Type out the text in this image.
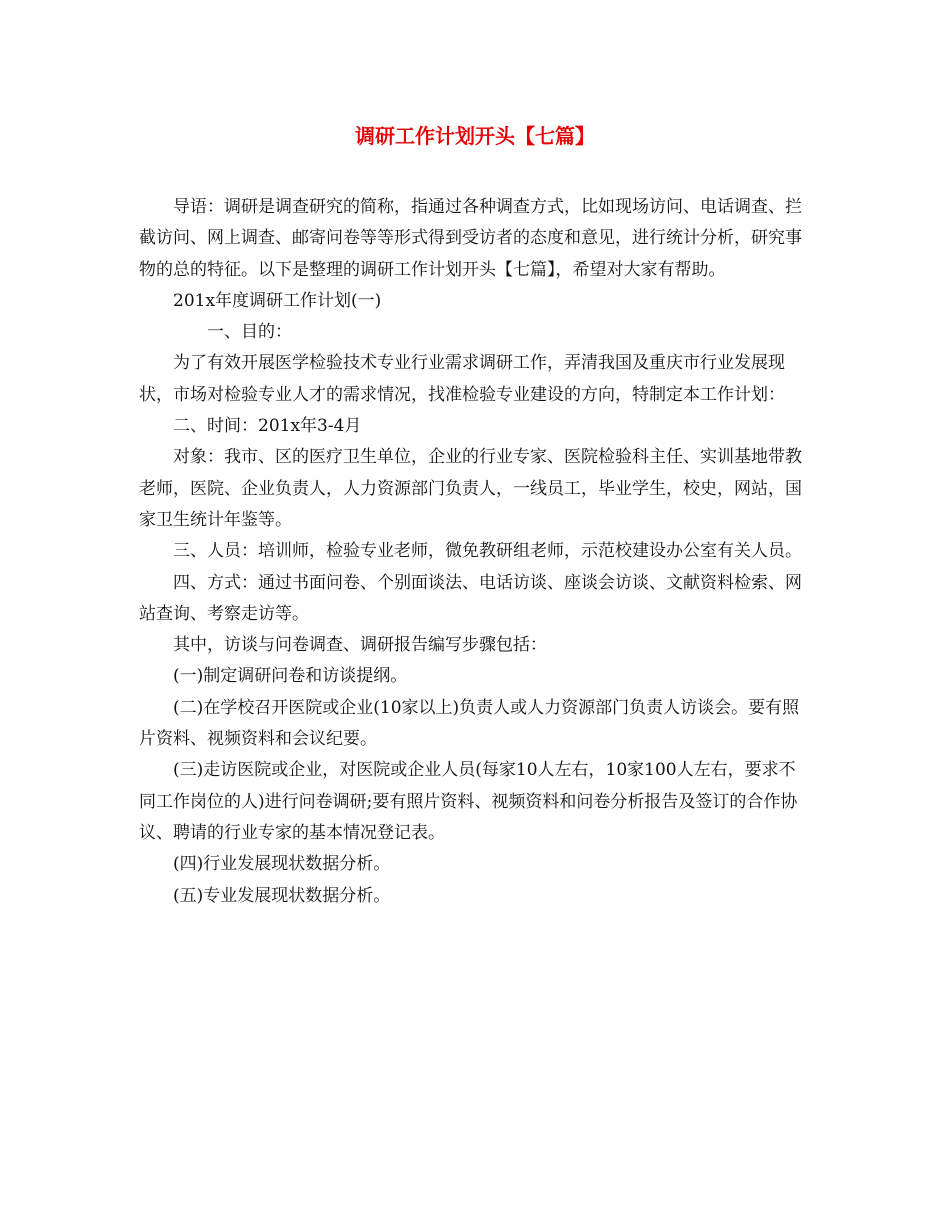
调研工作计划开头【七篇】

导语：调研是调查研究的简称，指通过各种调查方式，比如现场访问、电话调查、拦截访问、网上调查、邮寄问卷等等形式得到受访者的态度和意见，进行统计分析，研究事物的总的特征。以下是整理的调研工作计划开头【七篇】，希望对大家有帮助。

201x年度调研工作计划(一)

一、目的：

为了有效开展医学检验技术专业行业需求调研工作，弄清我国及重庆市行业发展现状，市场对检验专业人才的需求情况，找准检验专业建设的方向，特制定本工作计划：

二、时间：201x年3-4月

对象：我市、区的医疗卫生单位，企业的行业专家、医院检验科主任、实训基地带教老师，医院、企业负责人，人力资源部门负责人，一线员工，毕业学生，校史，网站，国家卫生统计年鉴等。

三、人员：培训师，检验专业老师，微免教研组老师，示范校建设办公室有关人员。

四、方式：通过书面问卷、个别面谈法、电话访谈、座谈会访谈、文献资料检索、网站查询、考察走访等。

其中，访谈与问卷调查、调研报告编写步骤包括：

(一)制定调研问卷和访谈提纲。

(二)在学校召开医院或企业(10家以上)负责人或人力资源部门负责人访谈会。要有照片资料、视频资料和会议纪要。

(三)走访医院或企业，对医院或企业人员(每家10人左右，10家100人左右，要求不同工作岗位的人)进行问卷调研;要有照片资料、视频资料和问卷分析报告及签订的合作协议、聘请的行业专家的基本情况登记表。

(四)行业发展现状数据分析。

(五)专业发展现状数据分析。
